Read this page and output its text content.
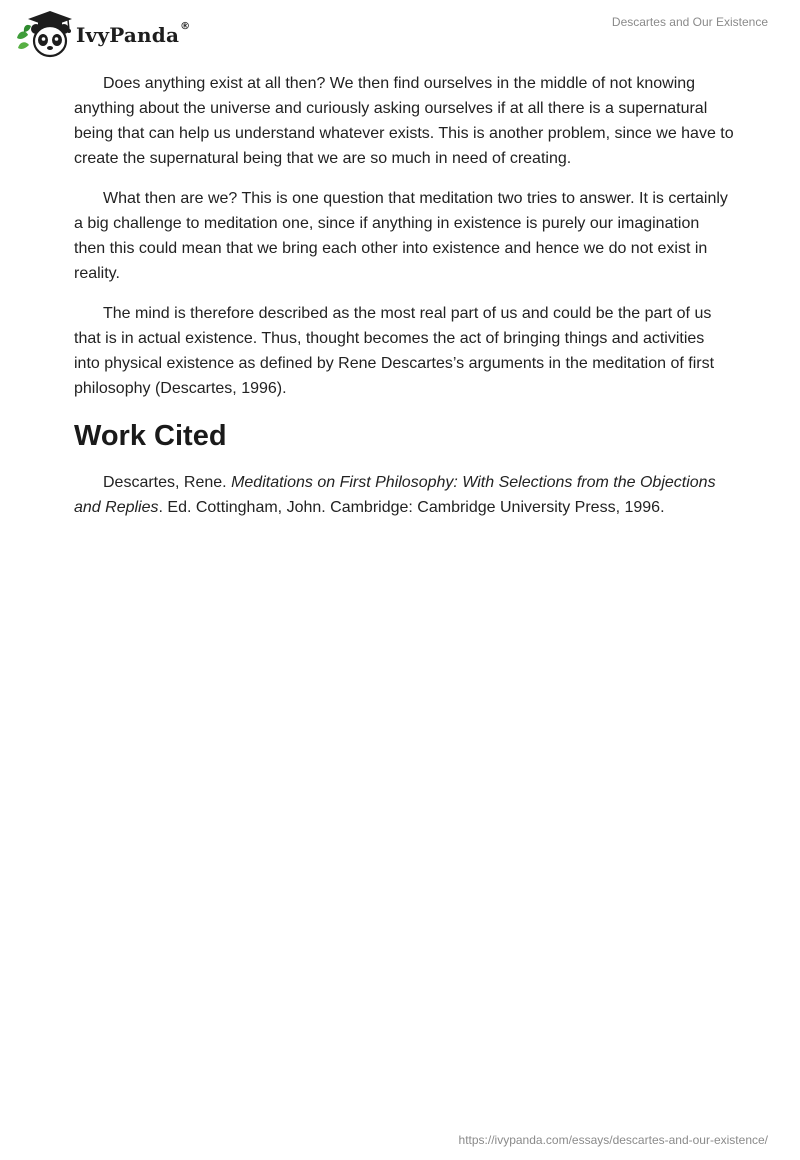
IvyPanda®	Descartes and Our Existence

Does anything exist at all then? We then find ourselves in the middle of not knowing anything about the universe and curiously asking ourselves if at all there is a supernatural being that can help us understand whatever exists. This is another problem, since we have to create the supernatural being that we are so much in need of creating.

What then are we? This is one question that meditation two tries to answer. It is certainly a big challenge to meditation one, since if anything in existence is purely our imagination then this could mean that we bring each other into existence and hence we do not exist in reality.

The mind is therefore described as the most real part of us and could be the part of us that is in actual existence. Thus, thought becomes the act of bringing things and activities into physical existence as defined by Rene Descartes’s arguments in the meditation of first philosophy (Descartes, 1996).

Work Cited

Descartes, Rene. Meditations on First Philosophy: With Selections from the Objections and Replies. Ed. Cottingham, John. Cambridge: Cambridge University Press, 1996.

https://ivypanda.com/essays/descartes-and-our-existence/
